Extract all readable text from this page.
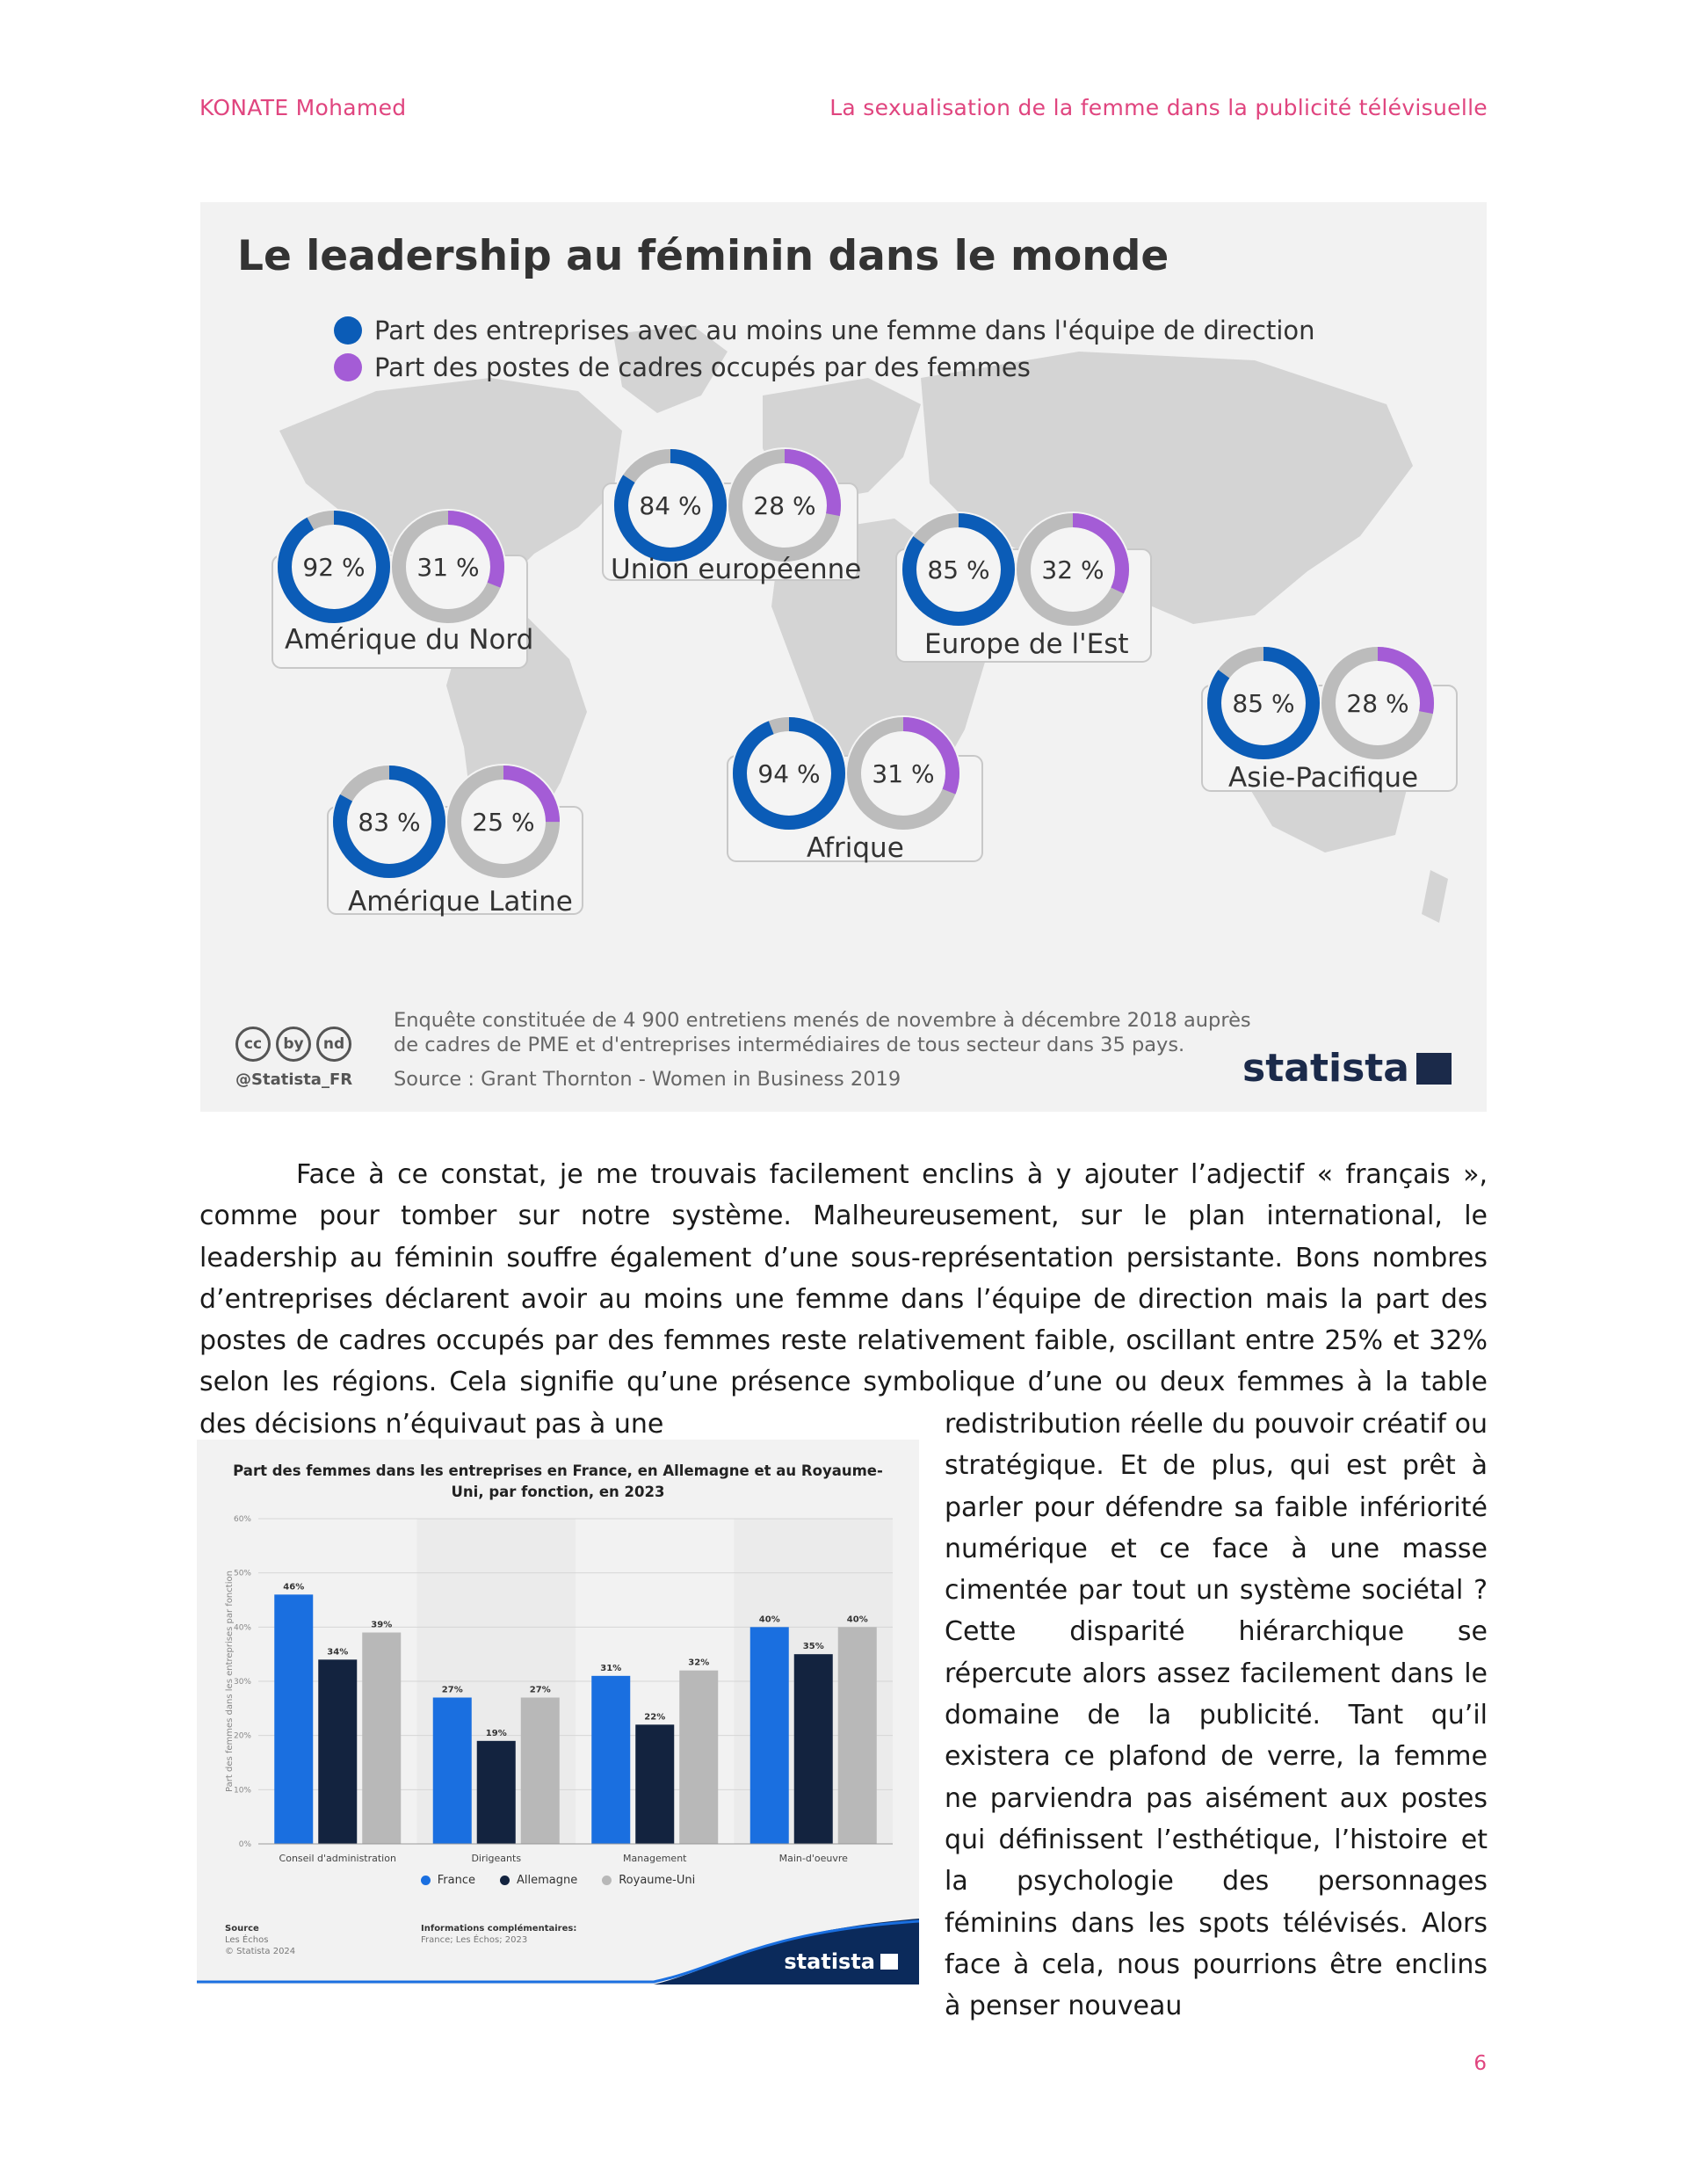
KONATE Mohamed	La sexualisation de la femme dans la publicité télévisuelle
92 % 31 %
84 % 28 %
85 % 32 %
85 % 28 %
94 % 31 %
83 % 25 %
Le leadership au féminin dans le monde
Part des entreprises avec au moins une femme dans l'équipe de direction
Part des postes de cadres occupés par des femmes
Amérique du Nord
Union européenne
Europe de l'Est
Asie-Pacifique
Afrique
Amérique Latine
Enquête constituée de 4 900 entretiens menés de novembre à décembre 2018 auprès
de cadres de PME et d'entreprises intermédiaires de tous secteur dans 35 pays.
Source : Grant Thornton - Women in Business 2019
cc	by	nd
@Statista_FR	statista

Face à ce constat, je me trouvais facilement enclins à y ajouter l’adjectif « français », comme pour tomber sur notre système. Malheureusement, sur le plan international, le leadership au féminin souffre également d’une sous-représentation persistante. Bons nombres d’entreprises déclarent avoir au moins une femme dans l’équipe de direction mais la part des postes de cadres occupés par des femmes reste relativement faible, oscillant entre 25% et 32% selon les régions. Cela signifie qu’une présence symbolique d’une ou deux femmes à la table des décisions n’équivaut pas à une

Part des femmes dans les entreprises en France, en Allemagne et au Royaume-Uni, par fonction, en 2023
0%
10%
20%
30%
40%
50%
60%
Part des femmes dans les entreprises par fonction	46%
34%
39%
Conseil d'administration
27%
19%
27%
Dirigeants
31%
22%
32%
Management
40%
35%
40%
Main-d'oeuvre
France	Allemagne	Royaume-Uni
Source
Les Échos
© Statista 2024
Informations complémentaires:
France; Les Échos; 2023
statista
redistribution réelle du pouvoir créatif ou stratégique. Et de plus, qui est prêt à parler pour défendre sa faible infériorité numérique et ce face à une masse cimentée par tout un système sociétal ? Cette disparité hiérarchique se répercute alors assez facilement dans le domaine de la publicité. Tant qu’il existera ce plafond de verre, la femme ne parviendra pas aisément aux postes qui définissent l’esthétique, l’histoire et la psychologie des personnages féminins dans les spots télévisés. Alors face à cela, nous pourrions être enclins à penser nouveau
6
